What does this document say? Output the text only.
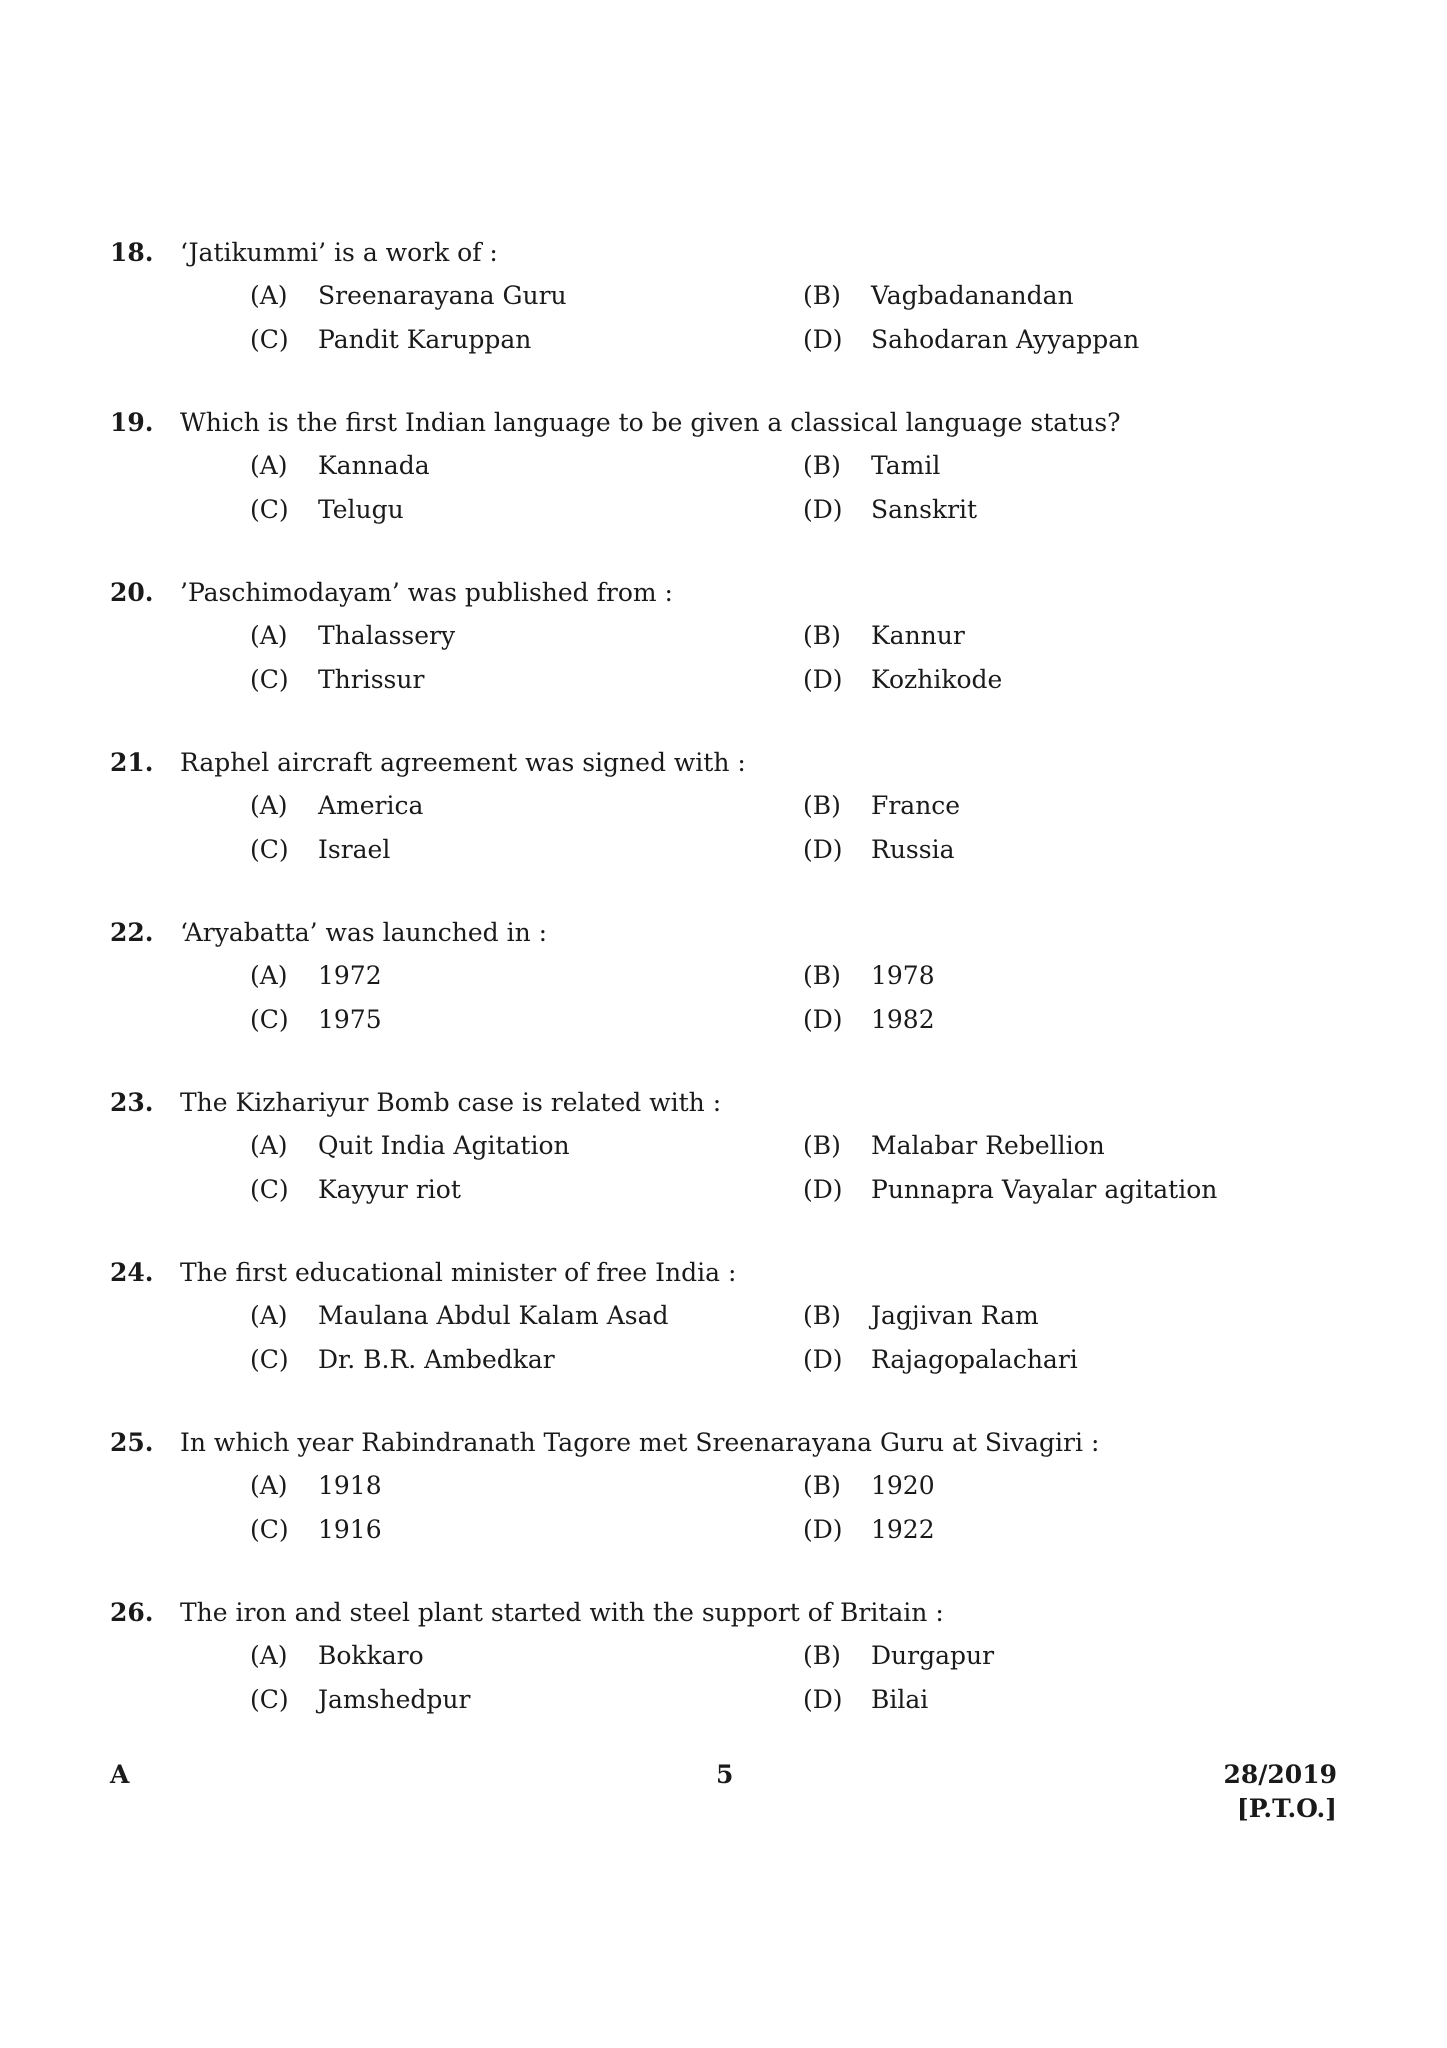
18. ‘Jatikummi’ is a work of :
(A) Sreenarayana Guru	(B) Vagbadanandan
(C) Pandit Karuppan	(D) Sahodaran Ayyappan
19. Which is the first Indian language to be given a classical language status?
(A) Kannada	(B) Tamil
(C) Telugu	(D) Sanskrit
20. ’Paschimodayam’ was published from :
(A) Thalassery	(B) Kannur
(C) Thrissur	(D) Kozhikode
21. Raphel aircraft agreement was signed with :
(A) America	(B) France
(C) Israel	(D) Russia
22. ‘Aryabatta’ was launched in :
(A) 1972	(B) 1978
(C) 1975	(D) 1982
23. The Kizhariyur Bomb case is related with :
(A) Quit India Agitation	(B) Malabar Rebellion
(C) Kayyur riot	(D) Punnapra Vayalar agitation
24. The first educational minister of free India :
(A) Maulana Abdul Kalam Asad	(B) Jagjivan Ram
(C) Dr. B.R. Ambedkar	(D) Rajagopalachari
25. In which year Rabindranath Tagore met Sreenarayana Guru at Sivagiri :
(A) 1918	(B) 1920
(C) 1916	(D) 1922
26. The iron and steel plant started with the support of Britain :
(A) Bokkaro	(B) Durgapur
(C) Jamshedpur	(D) Bilai
A	5	28/2019
[P.T.O.]
